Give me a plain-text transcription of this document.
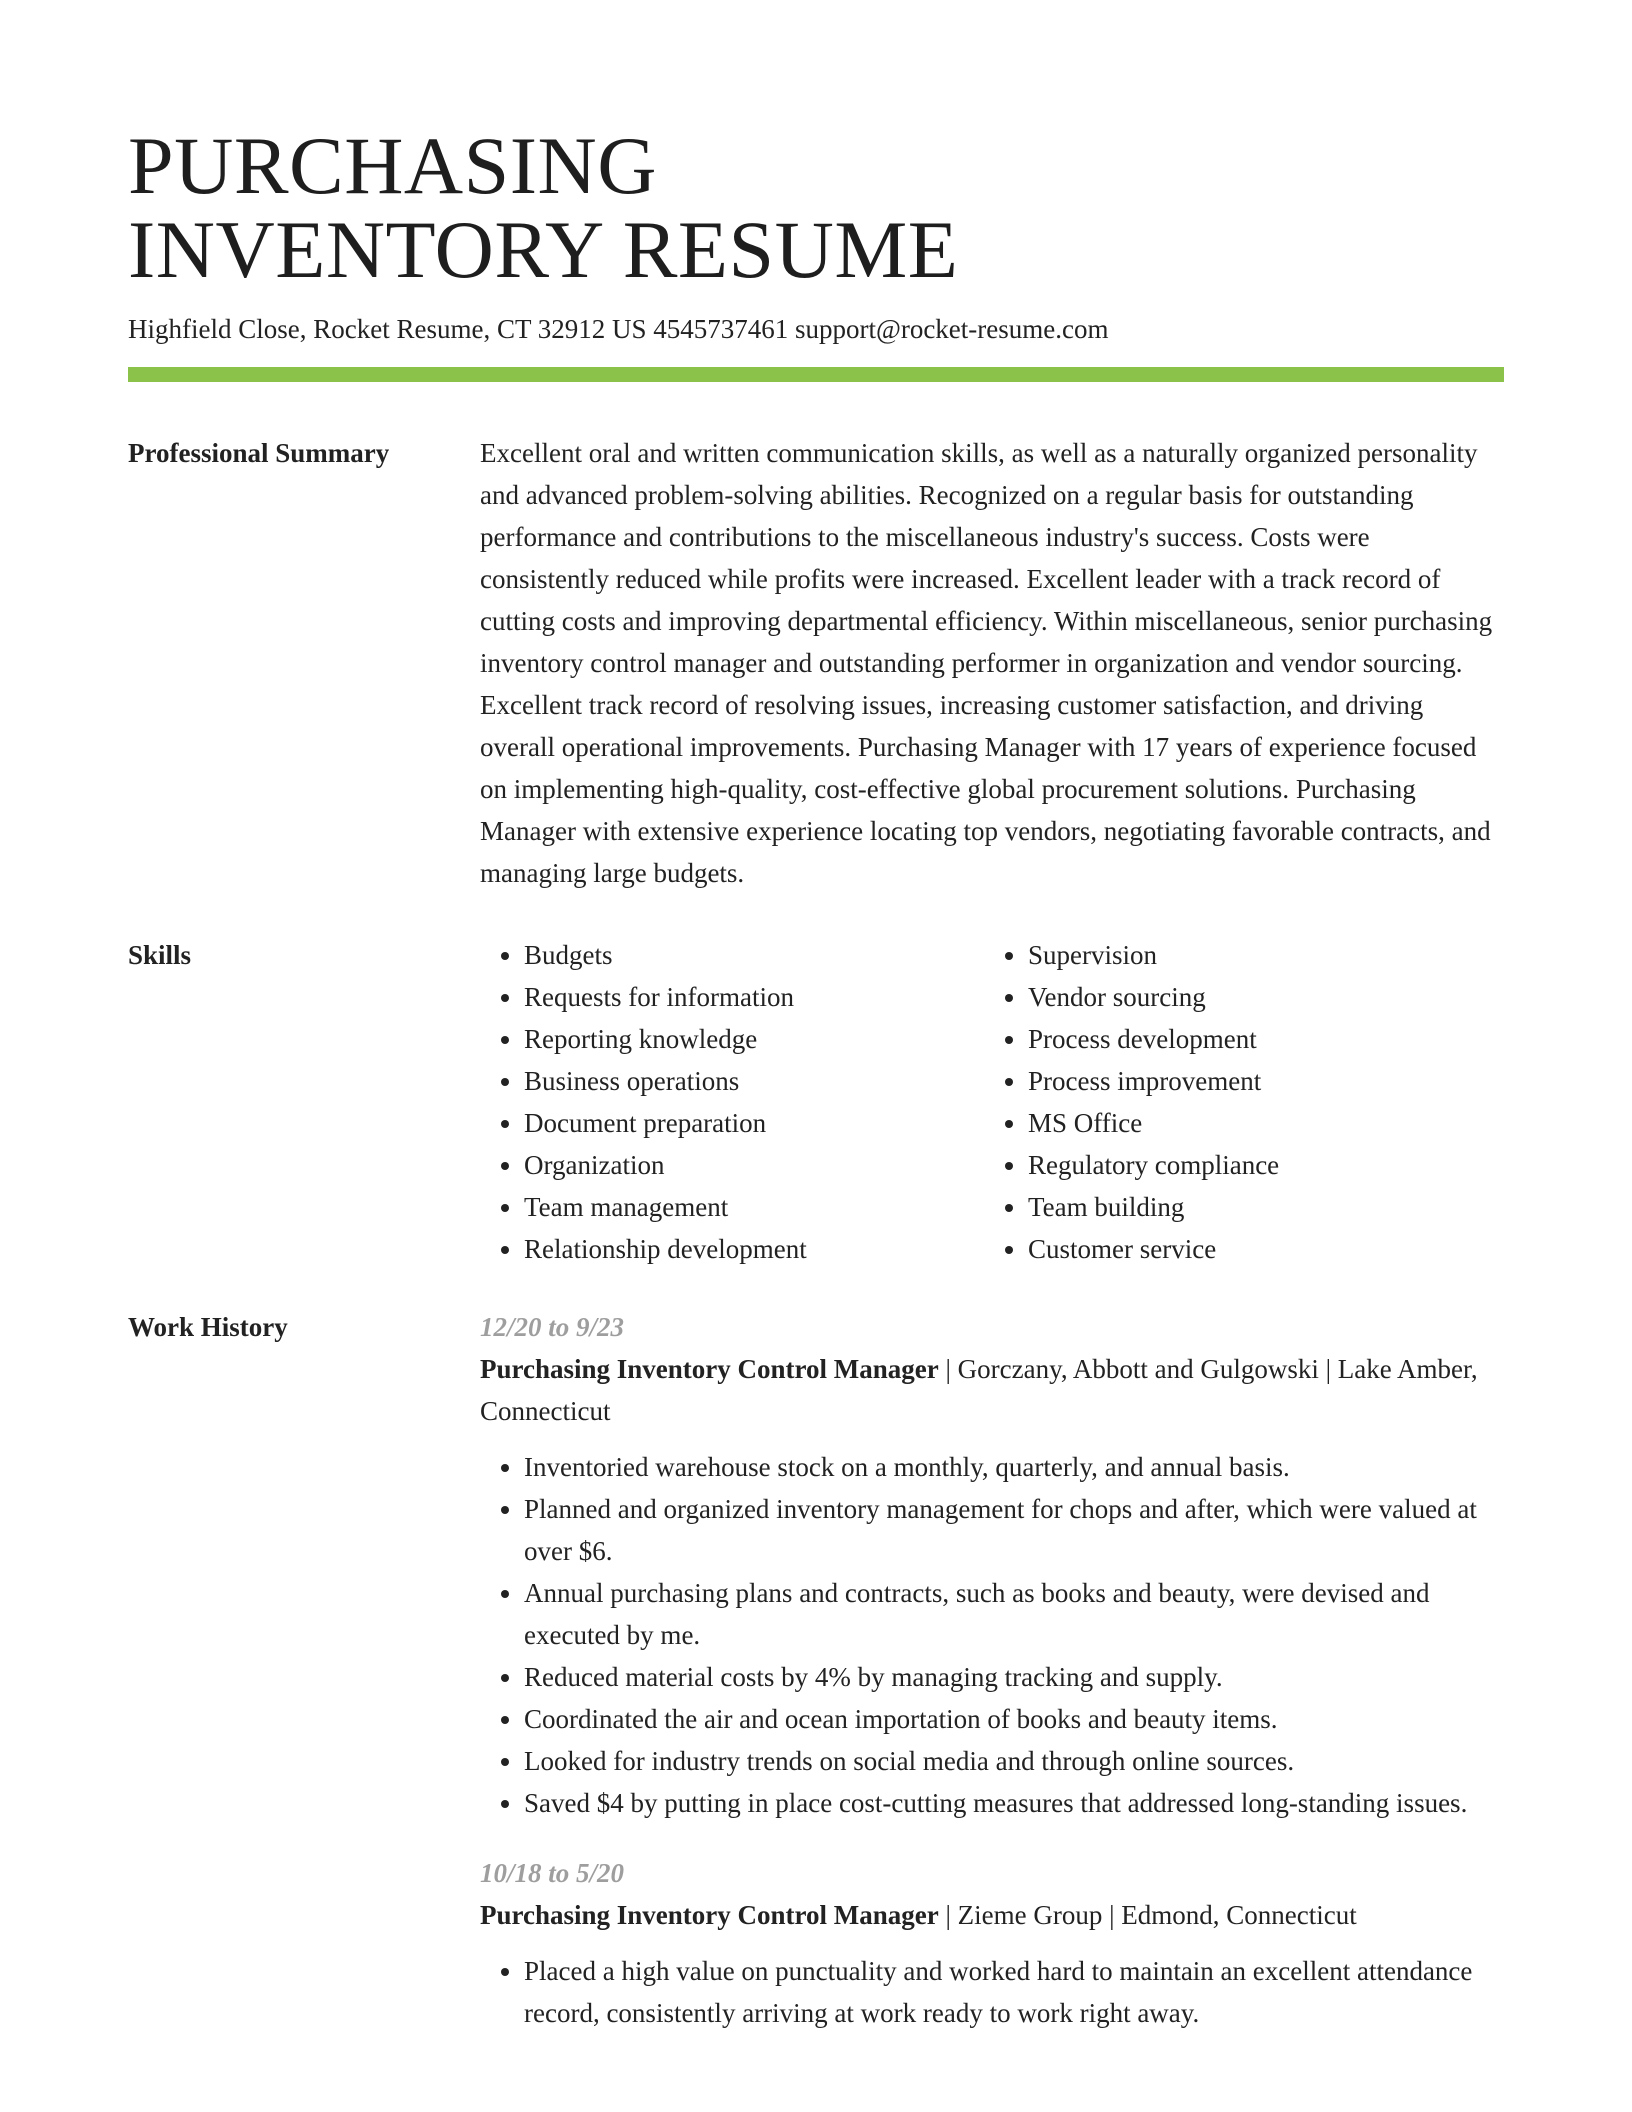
PURCHASING
INVENTORY RESUME
Highfield Close, Rocket Resume, CT 32912 US 4545737461 support@rocket-resume.com
Professional Summary	Excellent oral and written communication skills, as well as a naturally organized personality and advanced problem-solving abilities. Recognized on a regular basis for outstanding performance and contributions to the miscellaneous industry's success. Costs were consistently reduced while profits were increased. Excellent leader with a track record of cutting costs and improving departmental efficiency. Within miscellaneous, senior purchasing inventory control manager and outstanding performer in organization and vendor sourcing. Excellent track record of resolving issues, increasing customer satisfaction, and driving overall operational improvements. Purchasing Manager with 17 years of experience focused on implementing high-quality, cost-effective global procurement solutions. Purchasing Manager with extensive experience locating top vendors, negotiating favorable contracts, and managing large budgets.

Skills
•	Budgets
• Requests for information
• Reporting knowledge
• Business operations
• Document preparation
• Organization
• Team management
• Relationship development
• Supervision
• Vendor sourcing
• Process development
• Process improvement
• MS Office
• Regulatory compliance
• Team building
• Customer service
Work History	12/20 to 9/23
Purchasing Inventory Control Manager | Gorczany, Abbott and Gulgowski | Lake Amber, Connecticut
• Inventoried warehouse stock on a monthly, quarterly, and annual basis.
• Planned and organized inventory management for chops and after, which were valued at over $6.
• Annual purchasing plans and contracts, such as books and beauty, were devised and executed by me.
• Reduced material costs by 4% by managing tracking and supply.
• Coordinated the air and ocean importation of books and beauty items.
• Looked for industry trends on social media and through online sources.
• Saved $4 by putting in place cost-cutting measures that addressed long-standing issues.
10/18 to 5/20
Purchasing Inventory Control Manager | Zieme Group | Edmond, Connecticut
• Placed a high value on punctuality and worked hard to maintain an excellent attendance record, consistently arriving at work ready to work right away.
